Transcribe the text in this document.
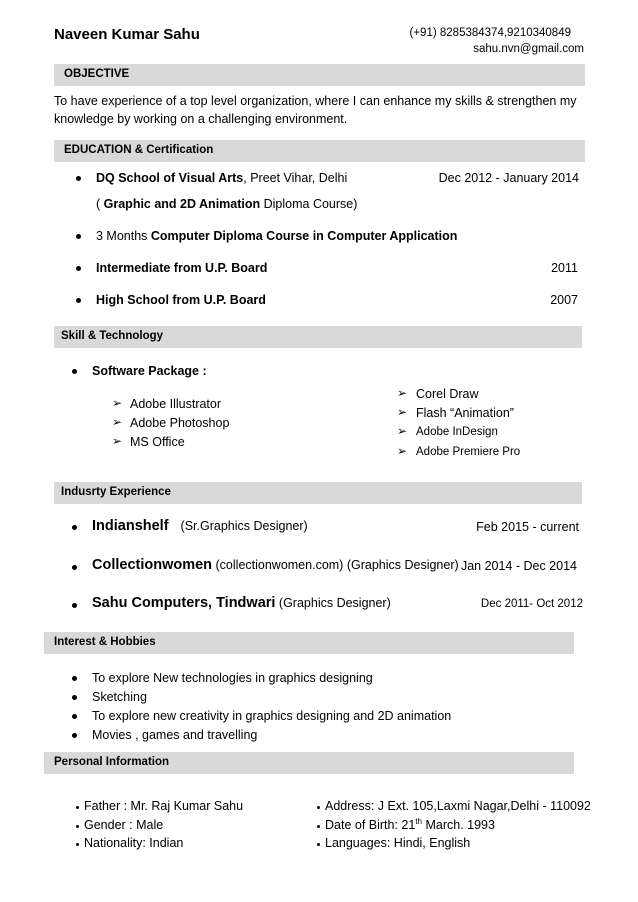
Naveen Kumar Sahu	(+91) 8285384374,9210340849
sahu.nvn@gmail.com
OBJECTIVE
To have experience of a top level organization, where I can enhance my skills & strengthen my
knowledge by working on a challenging environment.
EDUCATION & Certification
DQ School of Visual Arts, Preet Vihar, Delhi	Dec 2012 - January 2014
( Graphic and 2D Animation Diploma Course)
3 Months Computer Diploma Course in Computer Application
Intermediate from U.P. Board	2011
High School from U.P. Board	2007
Skill & Technology
Software Package :
➢ Adobe Illustrator
➢ Adobe Photoshop
➢ MS Office
➢ Corel Draw
➢ Flash “Animation”
➢ Adobe InDesign
➢ Adobe Premiere Pro
Indusrty Experience
Indianshelf (Sr.Graphics Designer)	Feb 2015 - current
Collectionwomen (collectionwomen.com) (Graphics Designer) Jan 2014 - Dec 2014
Sahu Computers, Tindwari (Graphics Designer)	Dec 2011- Oct 2012
Interest & Hobbies
To explore New technologies in graphics designing
Sketching
To explore new creativity in graphics designing and 2D animation
Movies , games and travelling
Personal Information
Father : Mr. Raj Kumar Sahu
Gender : Male
Nationality: Indian
Address: J Ext. 105,Laxmi Nagar,Delhi - 110092
Date of Birth: 21th March. 1993
Languages: Hindi, English
